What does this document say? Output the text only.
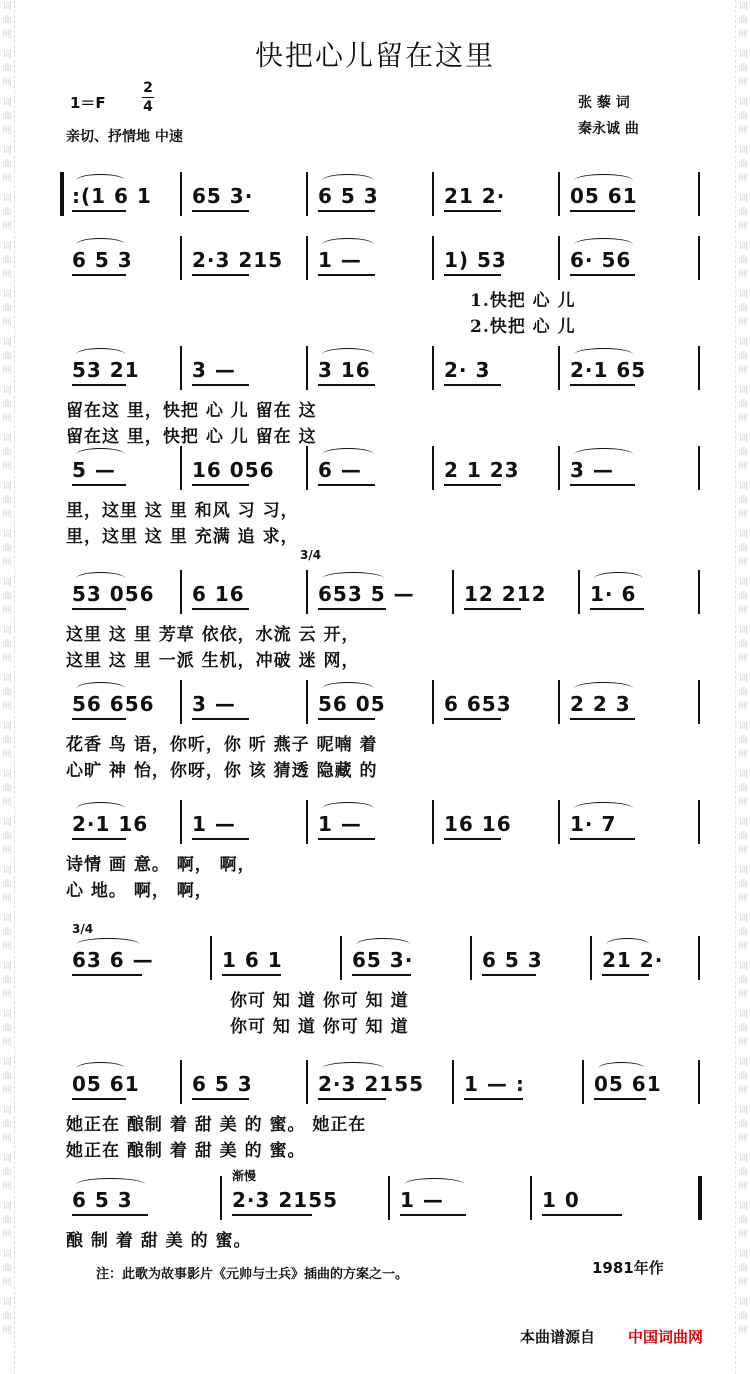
词
曲
网
词
曲
网
词
曲
网
词
曲
网
词
曲
网
词
曲
网
词
曲
网
词
曲
网
词
曲
网
词
曲
网
词
曲
网
词
曲
网
词
曲
网
词
曲
网
词
曲
网
词
曲
网
词
曲
网
词
曲
网
词
曲
网
词
曲
网
词
曲
网
词
曲
网
词
曲
网
词
曲
网
词
曲
网
词
曲
网
词
曲
网
词
曲
网
词
曲
网
词
曲
网
词
曲
网
词
曲
网
词
曲
网
词
曲
网
词
曲
网
词
曲
网
词
曲
网
词
曲
网
词
曲
网
词
曲
网
词
曲
网
词
曲
网
词
曲
网
词
曲
网
词
曲
网
词
曲
网
词
曲
网
词
曲
网
词
曲
网
词
曲
网
词
曲
网
词
曲
网
词
曲
网
词
曲
网
词
曲
网
词
曲
网
快把心儿留在这里
1＝F
2
4
亲切、抒情地 中速
张 藜 词
秦永诚 曲
:(1 6 1 65 3·	6 5 3	21 2·	05 61
6 5 3	2·3 215 1 —	1) 53	6· 56
53 21	3 —	3 16	2· 3	2·1 65
5 —	16 056 6 —	2 1 23	3 —
53 056 6 16	653 5 — 12 212 1· 6
56 656 3 —	56 05	6 653	2 2 3
2·1 16 1 —	1 —	16 16	1· 7
63 6 —	1 6 1	65 3·	6 5 3	21 2·
05 61	6 5 3	2·3 2155 1 — :	05 61
6 5 3	2·3 2155	1 —	1 0
3/4
3/4
渐慢
注：此歌为故事影片《元帅与士兵》插曲的方案之一。	1981年作
本曲谱源自 中国词曲网
1.快把 心 儿
2.快把 心 儿
留在这 里，快把 心 儿 留在 这
留在这 里，快把 心 儿 留在 这
里，这里 这 里 和风 习 习，
里，这里 这 里 充满 追 求，
这里 这 里 芳草 依依，水流 云 开，
这里 这 里 一派 生机，冲破 迷 网，
花香 鸟 语，你听，你 听 燕子 呢喃 着
心旷 神 怡，你呀，你 该 猜透 隐藏 的
诗情 画 意。 啊， 啊，
心 地。 啊， 啊，
你可 知 道 你可 知 道
你可 知 道 你可 知 道
她正在 酿制 着 甜 美 的 蜜。 她正在
她正在 酿制 着 甜 美 的 蜜。
酿 制 着 甜 美 的 蜜。
